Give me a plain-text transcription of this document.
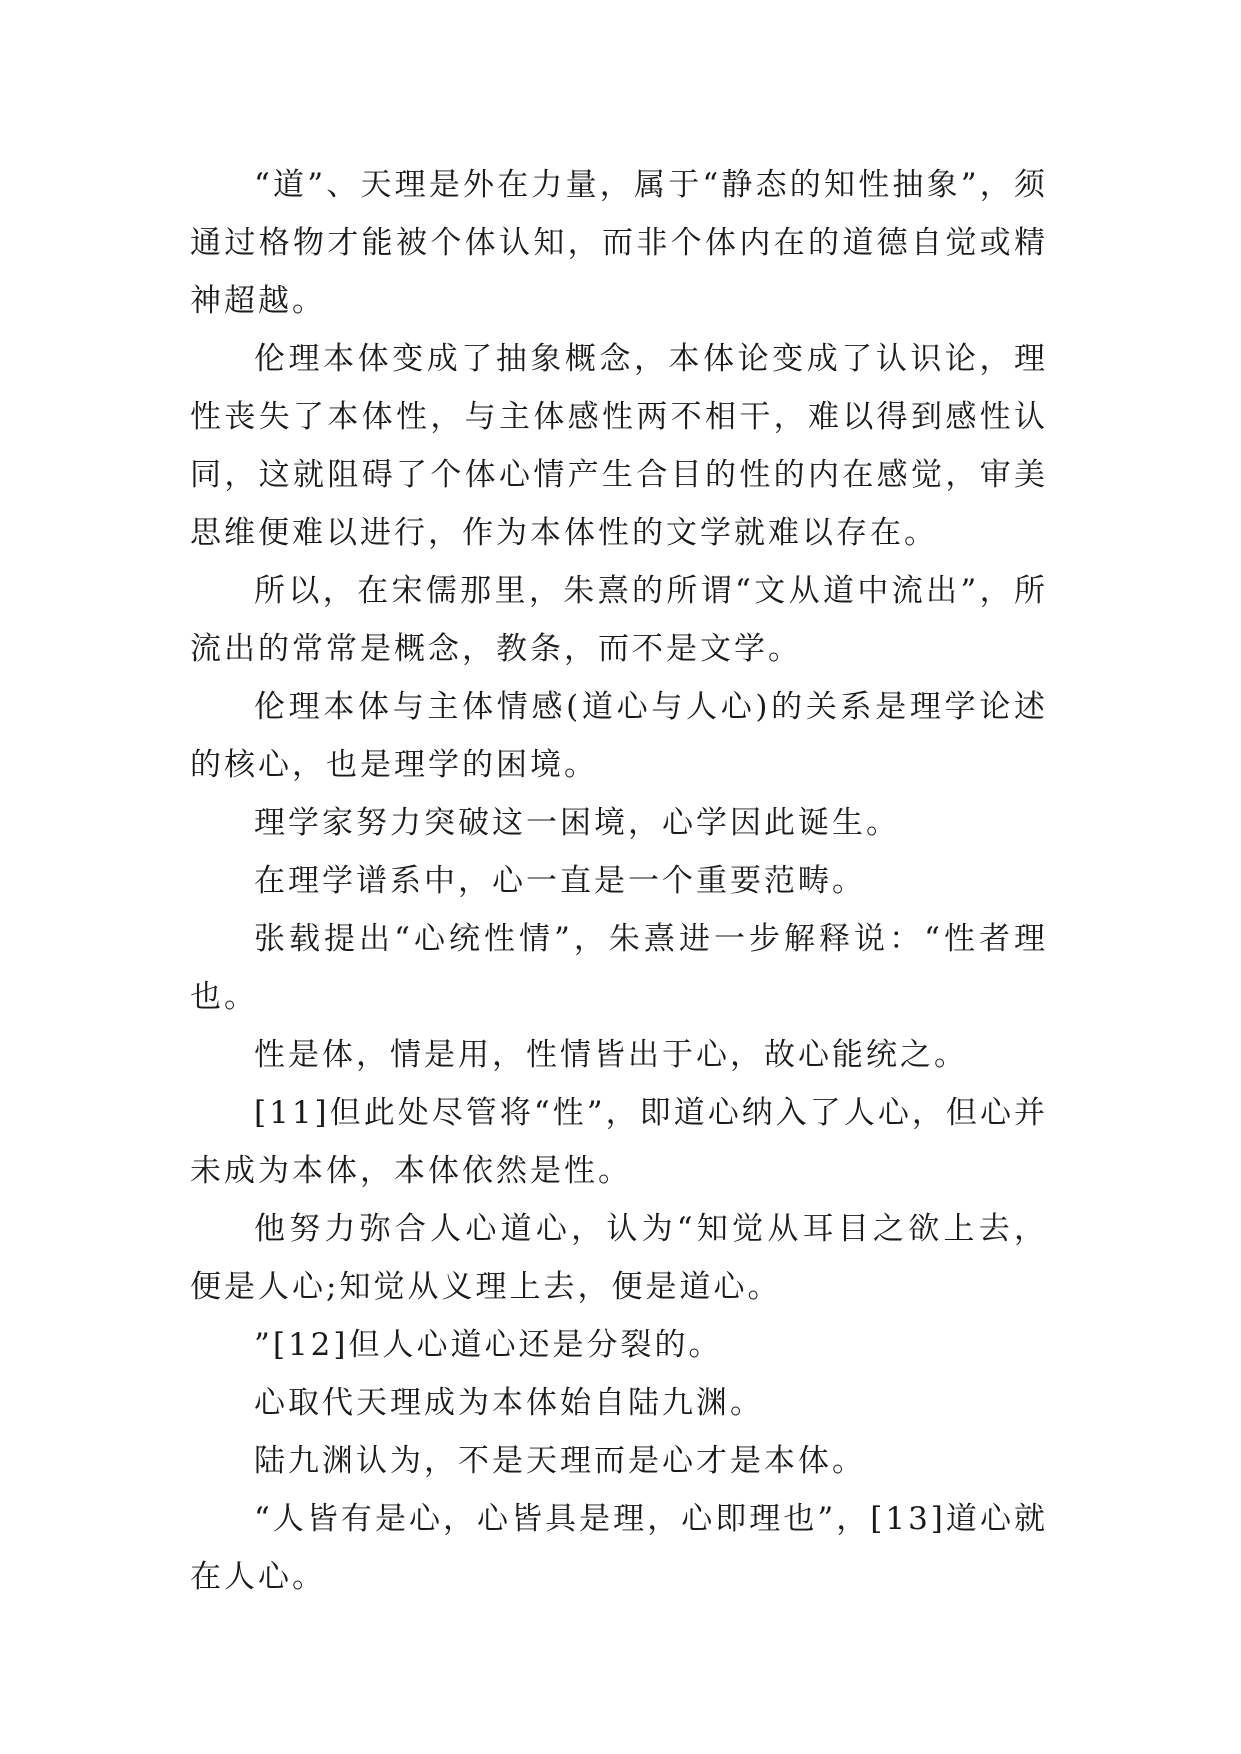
“道”、天理是外在力量，属于“静态的知性抽象”，须通过格物才能被个体认知，而非个体内在的道德自觉或精神超越。

伦理本体变成了抽象概念，本体论变成了认识论，理性丧失了本体性，与主体感性两不相干，难以得到感性认同，这就阻碍了个体心情产生合目的性的内在感觉，审美思维便难以进行，作为本体性的文学就难以存在。

所以，在宋儒那里，朱熹的所谓“文从道中流出”，所流出的常常是概念，教条，而不是文学。

伦理本体与主体情感(道心与人心)的关系是理学论述的核心，也是理学的困境。

理学家努力突破这一困境，心学因此诞生。

在理学谱系中，心一直是一个重要范畴。

张载提出“心统性情”，朱熹进一步解释说：“性者理也。

性是体，情是用，性情皆出于心，故心能统之。

[11]但此处尽管将“性”，即道心纳入了人心，但心并未成为本体，本体依然是性。

他努力弥合人心道心，认为“知觉从耳目之欲上去，便是人心;知觉从义理上去，便是道心。

”[12]但人心道心还是分裂的。

心取代天理成为本体始自陆九渊。

陆九渊认为，不是天理而是心才是本体。

“人皆有是心，心皆具是理，心即理也”，[13]道心就在人心。
